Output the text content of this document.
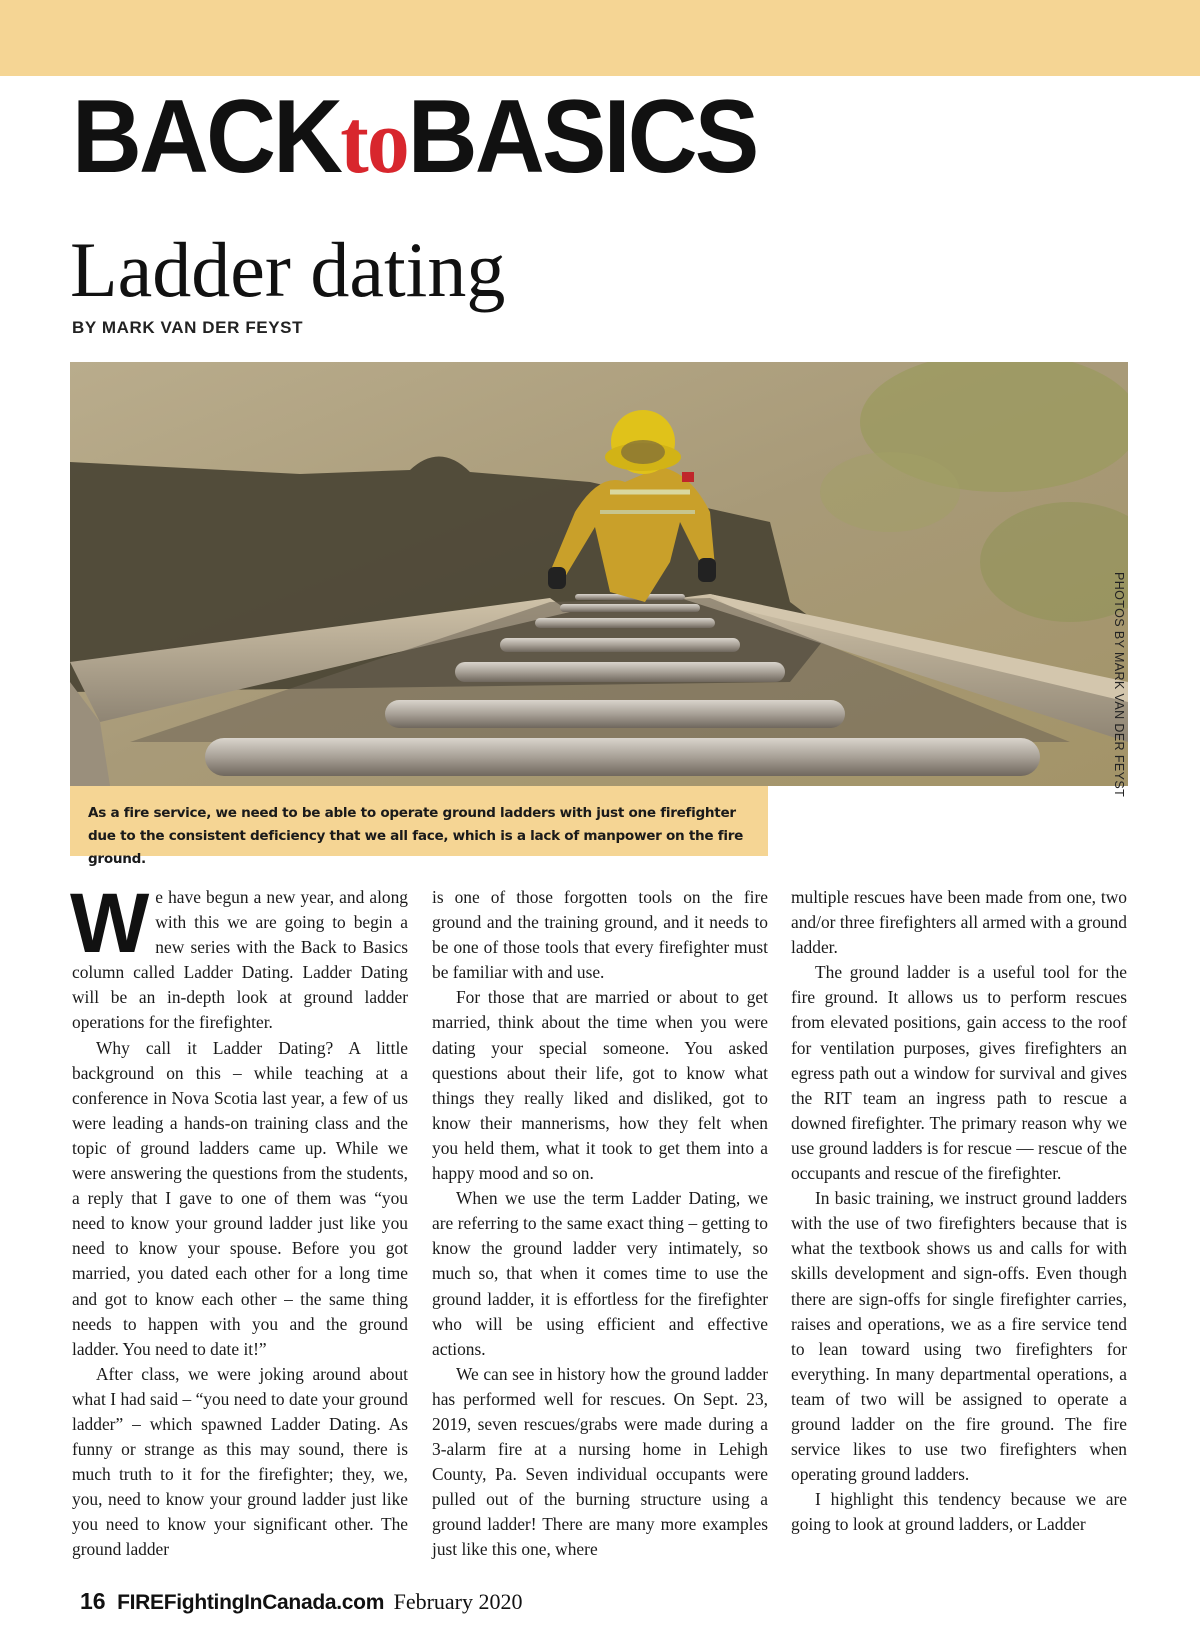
BACKtoBASICS
Ladder dating
BY MARK VAN DER FEYST
PHOTOS BY MARK VAN DER FEYST
As a fire service, we need to be able to operate ground ladders with just one firefighter due to the consistent deficiency that we all face, which is a lack of manpower on the fire ground.

We have begun a new year, and along with this we are going to begin a new series with the Back to Basics column called Ladder Dating. Ladder Dating will be an in-depth look at ground ladder operations for the firefighter.

Why call it Ladder Dating? A little background on this – while teaching at a conference in Nova Scotia last year, a few of us were leading a hands-on training class and the topic of ground ladders came up. While we were answering the questions from the students, a reply that I gave to one of them was “you need to know your ground ladder just like you need to know your spouse. Before you got married, you dated each other for a long time and got to know each other – the same thing needs to happen with you and the ground ladder. You need to date it!”

After class, we were joking around about what I had said – “you need to date your ground ladder” – which spawned Ladder Dating. As funny or strange as this may sound, there is much truth to it for the firefighter; they, we, you, need to know your ground ladder just like you need to know your significant other. The ground ladder

is one of those forgotten tools on the fire ground and the training ground, and it needs to be one of those tools that every firefighter must be familiar with and use.

For those that are married or about to get married, think about the time when you were dating your special someone. You asked questions about their life, got to know what things they really liked and disliked, got to know their mannerisms, how they felt when you held them, what it took to get them into a happy mood and so on.

When we use the term Ladder Dating, we are referring to the same exact thing – getting to know the ground ladder very intimately, so much so, that when it comes time to use the ground ladder, it is effortless for the firefighter who will be using efficient and effective actions.

We can see in history how the ground ladder has performed well for rescues. On Sept. 23, 2019, seven rescues/grabs were made during a 3-alarm fire at a nursing home in Lehigh County, Pa. Seven individual occupants were pulled out of the burning structure using a ground ladder! There are many more examples just like this one, where

multiple rescues have been made from one, two and/or three firefighters all armed with a ground ladder.

The ground ladder is a useful tool for the fire ground. It allows us to perform rescues from elevated positions, gain access to the roof for ventilation purposes, gives firefighters an egress path out a window for survival and gives the RIT team an ingress path to rescue a downed firefighter. The primary reason why we use ground ladders is for rescue — rescue of the occupants and rescue of the firefighter.

In basic training, we instruct ground ladders with the use of two firefighters because that is what the textbook shows us and calls for with skills development and sign-offs. Even though there are sign-offs for single firefighter carries, raises and operations, we as a fire service tend to lean toward using two firefighters for everything. In many departmental operations, a team of two will be assigned to operate a ground ladder on the fire ground. The fire service likes to use two firefighters when operating ground ladders.

I highlight this tendency because we are going to look at ground ladders, or Ladder

16 FIREFightingInCanada.com February 2020
